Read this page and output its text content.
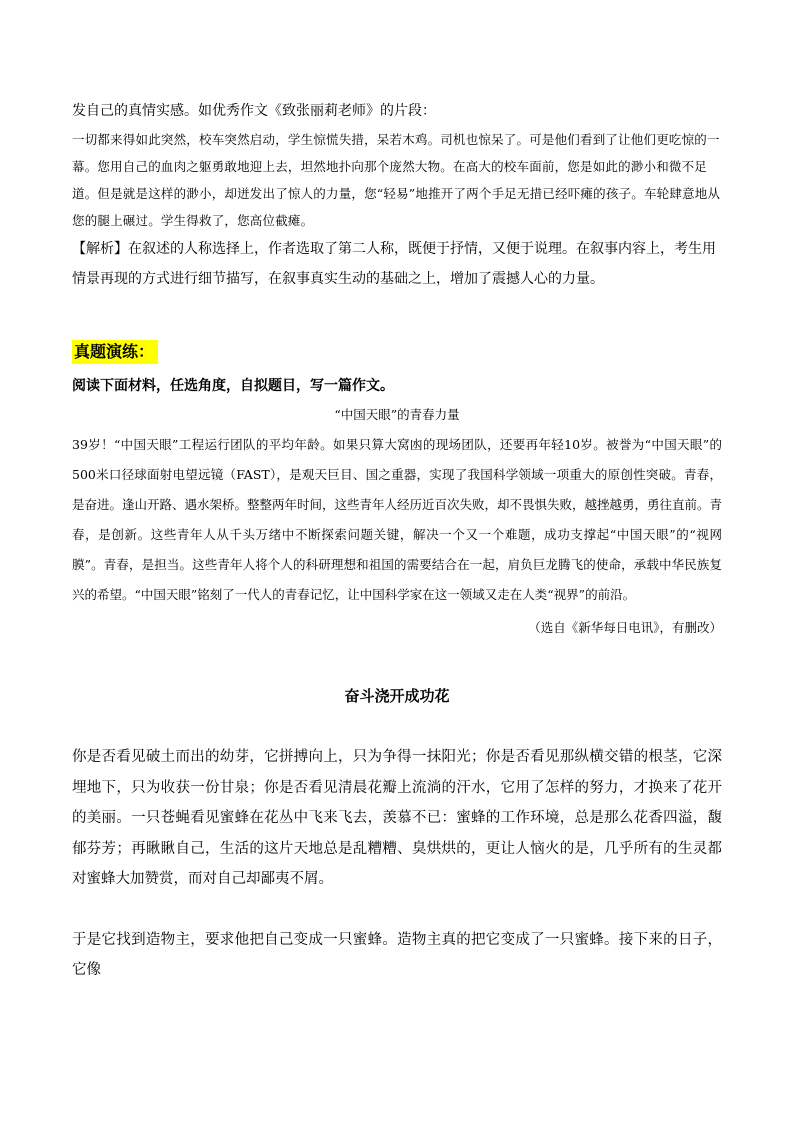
发自己的真情实感。如优秀作文《致张丽莉老师》的片段：

一切都来得如此突然，校车突然启动，学生惊慌失措，呆若木鸡。司机也惊呆了。可是他们看到了让他们更吃惊的一幕。您用自己的血肉之躯勇敢地迎上去，坦然地扑向那个庞然大物。在高大的校车面前，您是如此的渺小和微不足道。但是就是这样的渺小，却迸发出了惊人的力量，您“轻易”地推开了两个手足无措已经吓瘫的孩子。车轮肆意地从您的腿上碾过。学生得救了，您高位截瘫。

【解析】在叙述的人称选择上，作者选取了第二人称，既便于抒情，又便于说理。在叙事内容上，考生用情景再现的方式进行细节描写，在叙事真实生动的基础之上，增加了震撼人心的力量。

真题演练：

阅读下面材料，任选角度，自拟题目，写一篇作文。

“中国天眼”的青春力量

39岁！“中国天眼”工程运行团队的平均年龄。如果只算大窝凼的现场团队，还要再年轻10岁。被誉为“中国天眼”的500米口径球面射电望远镜（FAST），是观天巨目、国之重器，实现了我国科学领域一项重大的原创性突破。青春，是奋进。逢山开路、遇水架桥。整整两年时间，这些青年人经历近百次失败，却不畏惧失败，越挫越勇，勇往直前。青春，是创新。这些青年人从千头万绪中不断探索问题关键，解决一个又一个难题，成功支撑起“中国天眼”的“视网膜”。青春，是担当。这些青年人将个人的科研理想和祖国的需要结合在一起，肩负巨龙腾飞的使命，承载中华民族复兴的希望。“中国天眼”铭刻了一代人的青春记忆，让中国科学家在这一领域又走在人类“视界”的前沿。

（选自《新华每日电讯》，有删改）

奋斗浇开成功花

你是否看见破土而出的幼芽，它拼搏向上，只为争得一抹阳光；你是否看见那纵横交错的根茎，它深埋地下，只为收获一份甘泉；你是否看见清晨花瓣上流淌的汗水，它用了怎样的努力，才换来了花开的美丽。一只苍蝇看见蜜蜂在花丛中飞来飞去，羡慕不已：蜜蜂的工作环境，总是那么花香四溢，馥郁芬芳；再瞅瞅自己，生活的这片天地总是乱糟糟、臭烘烘的，更让人恼火的是，几乎所有的生灵都对蜜蜂大加赞赏，而对自己却鄙夷不屑。

于是它找到造物主，要求他把自己变成一只蜜蜂。造物主真的把它变成了一只蜜蜂。接下来的日子，它像
